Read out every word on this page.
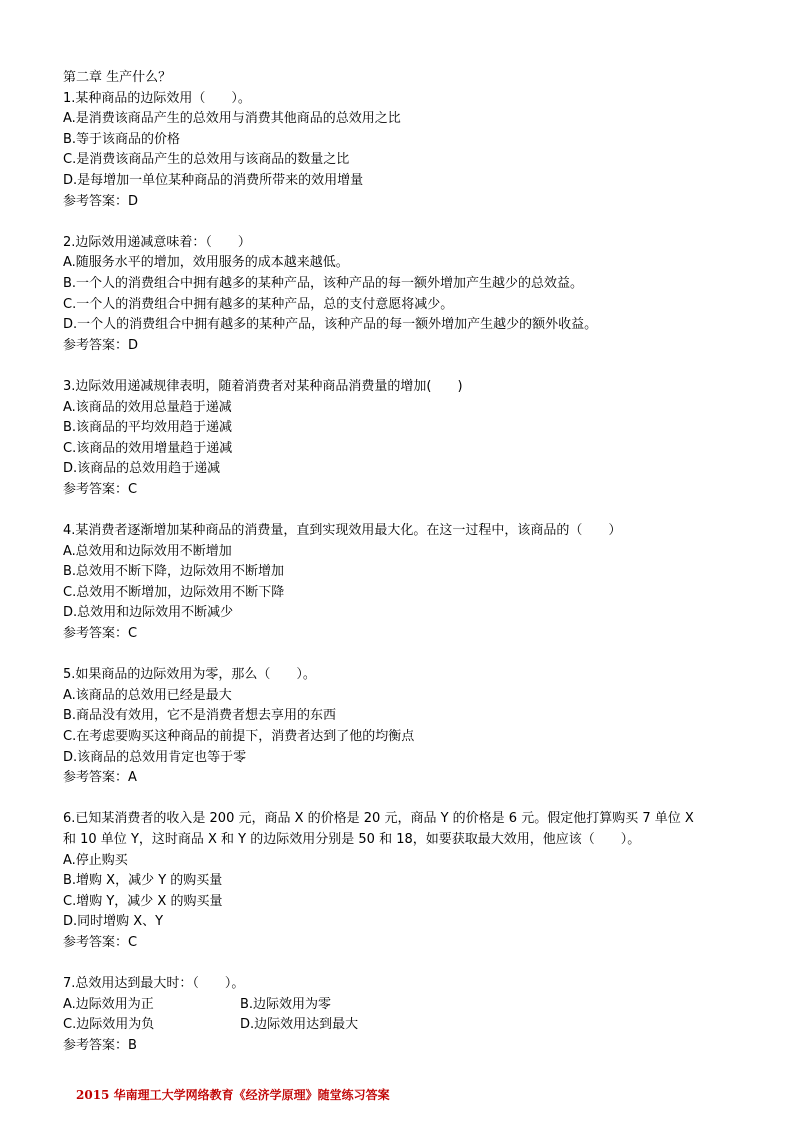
第二章 生产什么？
1.某种商品的边际效用（　　）。
A.是消费该商品产生的总效用与消费其他商品的总效用之比
B.等于该商品的价格
C.是消费该商品产生的总效用与该商品的数量之比
D.是每增加一单位某种商品的消费所带来的效用增量
参考答案：D
2.边际效用递减意味着：（　　）
A.随服务水平的增加，效用服务的成本越来越低。
B.一个人的消费组合中拥有越多的某种产品，该种产品的每一额外增加产生越少的总效益。
C.一个人的消费组合中拥有越多的某种产品，总的支付意愿将减少。
D.一个人的消费组合中拥有越多的某种产品，该种产品的每一额外增加产生越少的额外收益。
参考答案：D
3.边际效用递减规律表明，随着消费者对某种商品消费量的增加(　　)
A.该商品的效用总量趋于递减
B.该商品的平均效用趋于递减
C.该商品的效用增量趋于递减
D.该商品的总效用趋于递减
参考答案：C
4.某消费者逐渐增加某种商品的消费量，直到实现效用最大化。在这一过程中，该商品的（　　）
A.总效用和边际效用不断增加
B.总效用不断下降，边际效用不断增加
C.总效用不断增加，边际效用不断下降
D.总效用和边际效用不断减少
参考答案：C
5.如果商品的边际效用为零，那么（　　）。
A.该商品的总效用已经是最大
B.商品没有效用，它不是消费者想去享用的东西
C.在考虑要购买这种商品的前提下，消费者达到了他的均衡点
D.该商品的总效用肯定也等于零
参考答案：A
6.已知某消费者的收入是 200 元，商品 X 的价格是 20 元，商品 Y 的价格是 6 元。假定他打算购买 7 单位 X
和 10 单位 Y，这时商品 X 和 Y 的边际效用分别是 50 和 18，如要获取最大效用，他应该（　　）。
A.停止购买
B.增购 X，减少 Y 的购买量
C.增购 Y，减少 X 的购买量
D.同时增购 X、Y
参考答案：C
7.总效用达到最大时：（　　）。
A.边际效用为正	B.边际效用为零
C.边际效用为负	D.边际效用达到最大
参考答案：B
2015 华南理工大学网络教育《经济学原理》随堂练习答案
